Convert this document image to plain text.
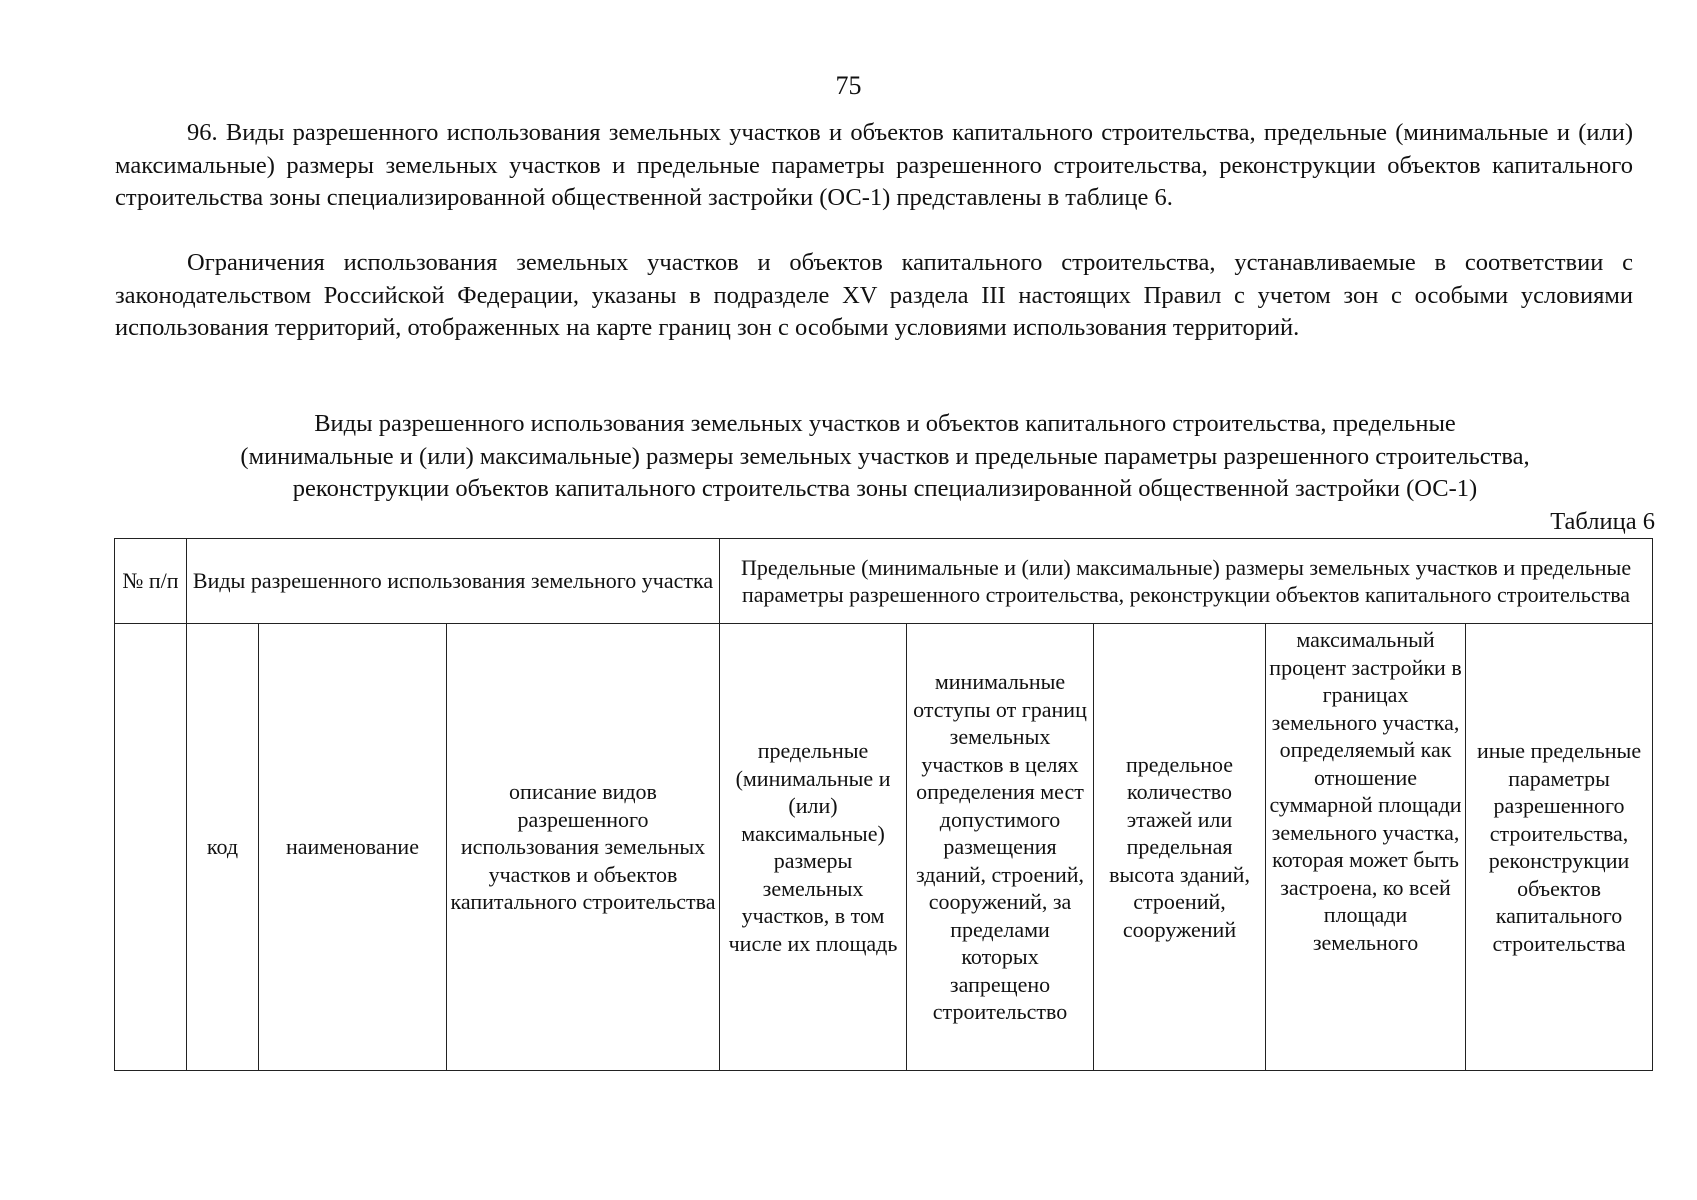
75

96. Виды разрешенного использования земельных участков и объектов капитального строительства, предельные (минимальные и (или) максимальные) размеры земельных участков и предельные параметры разрешенного строительства, реконструкции объектов капитального строительства зоны специализированной общественной застройки (ОС-1) представлены в таблице 6.

Ограничения использования земельных участков и объектов капитального строительства, устанавливаемые в соответствии с законодательством Российской Федерации, указаны в подразделе XV раздела III настоящих Правил с учетом зон с особыми условиями использования территорий, отображенных на карте границ зон с особыми условиями использования территорий.

Виды разрешенного использования земельных участков и объектов капитального строительства, предельные
(минимальные и (или) максимальные) размеры земельных участков и предельные параметры разрешенного строительства,
реконструкции объектов капитального строительства зоны специализированной общественной застройки (ОС-1)
Таблица 6
№ п/п	Виды разрешенного использования земельного участка			Предельные (минимальные и (или) максимальные) размеры земельных участков и предельные параметры разрешенного строительства, реконструкции объектов капитального строительства				
	код	наименование	описание видов разрешенного использования земельных участков и объектов капитального строительства	предельные (минимальные и (или) максимальные) размеры земельных участков, в том числе их площадь	минимальные отступы от границ земельных участков в целях определения мест допустимого размещения зданий, строений, сооружений, за пределами которых запрещено строительство	предельное количество этажей или предельная высота зданий, строений, сооружений	максимальный процент застройки в границах земельного участка, определяемый как отношение суммарной площади земельного участка, которая может быть застроена, ко всей площади земельного	иные предельные параметры разрешенного строительства, реконструкции объектов капитального строительства
